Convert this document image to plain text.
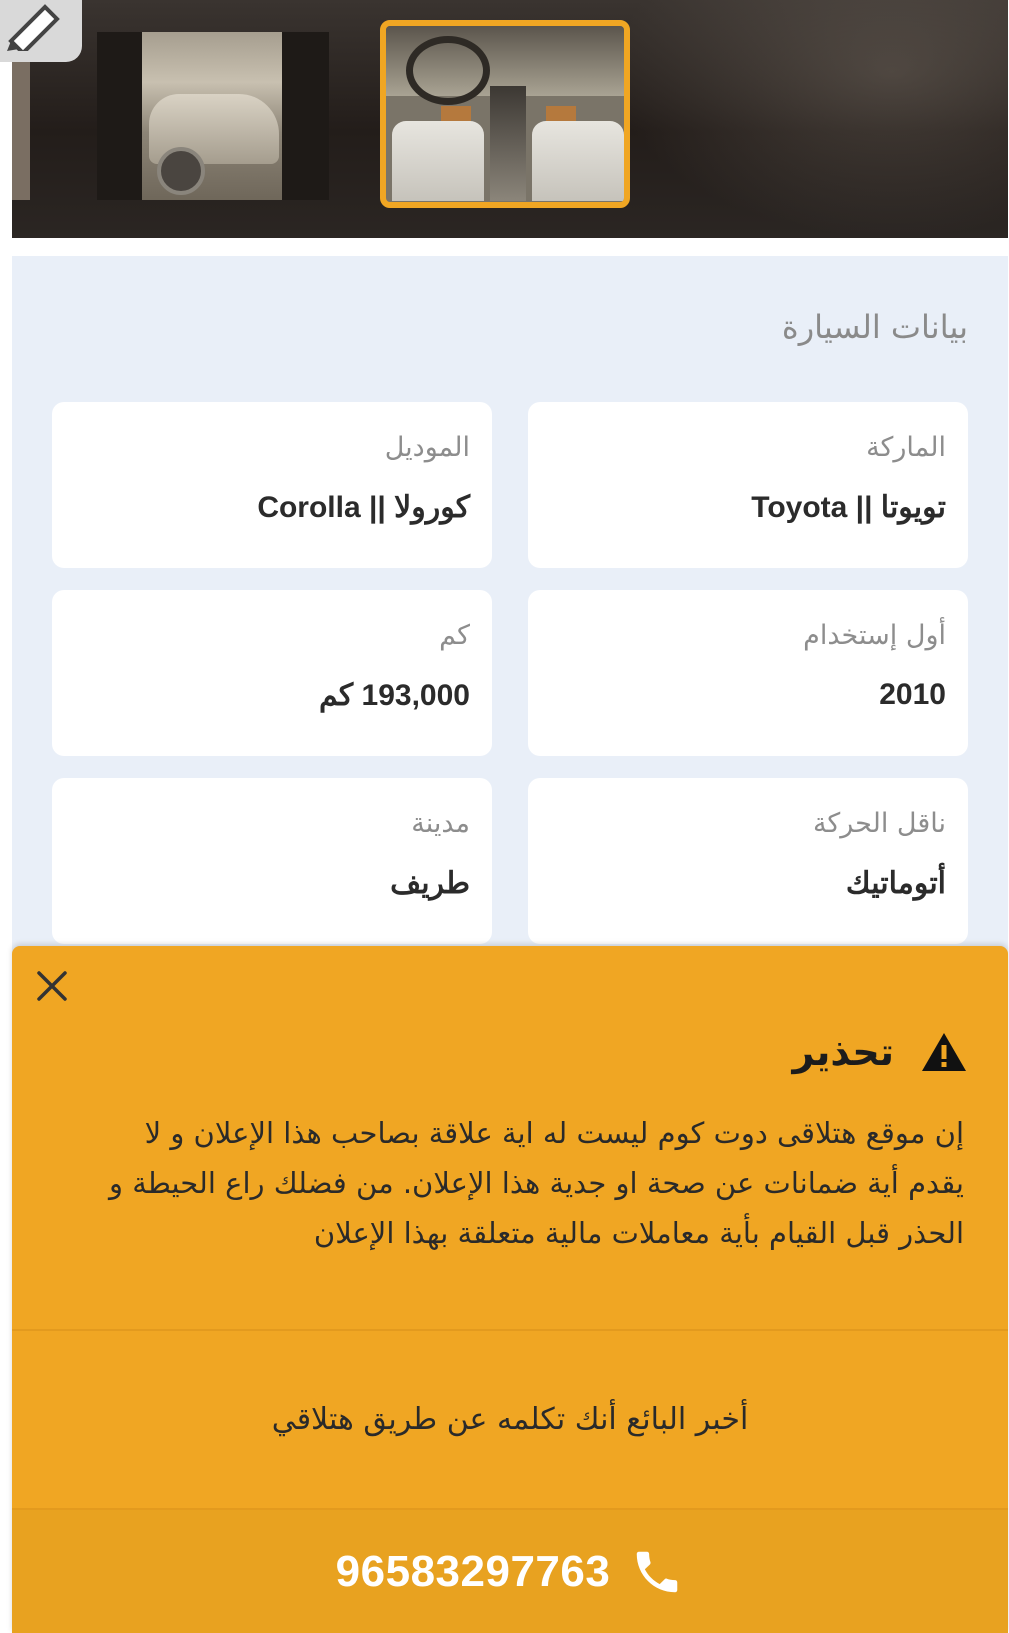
بيانات السيارة
الماركة
تويوتا || Toyota
الموديل
كورولا || Corolla
أول إستخدام
2010
كم
193,000 كم
ناقل الحركة
أتوماتيك
مدينة
طريف
تحذير
إن موقع هتلاقى دوت كوم ليست له اية علاقة بصاحب هذا الإعلان و لا يقدم أية ضمانات عن صحة او جدية هذا الإعلان. من فضلك راع الحيطة و الحذر قبل القيام بأية معاملات مالية متعلقة بهذا الإعلان
أخبر البائع أنك تكلمه عن طريق هتلاقي
96583297763
